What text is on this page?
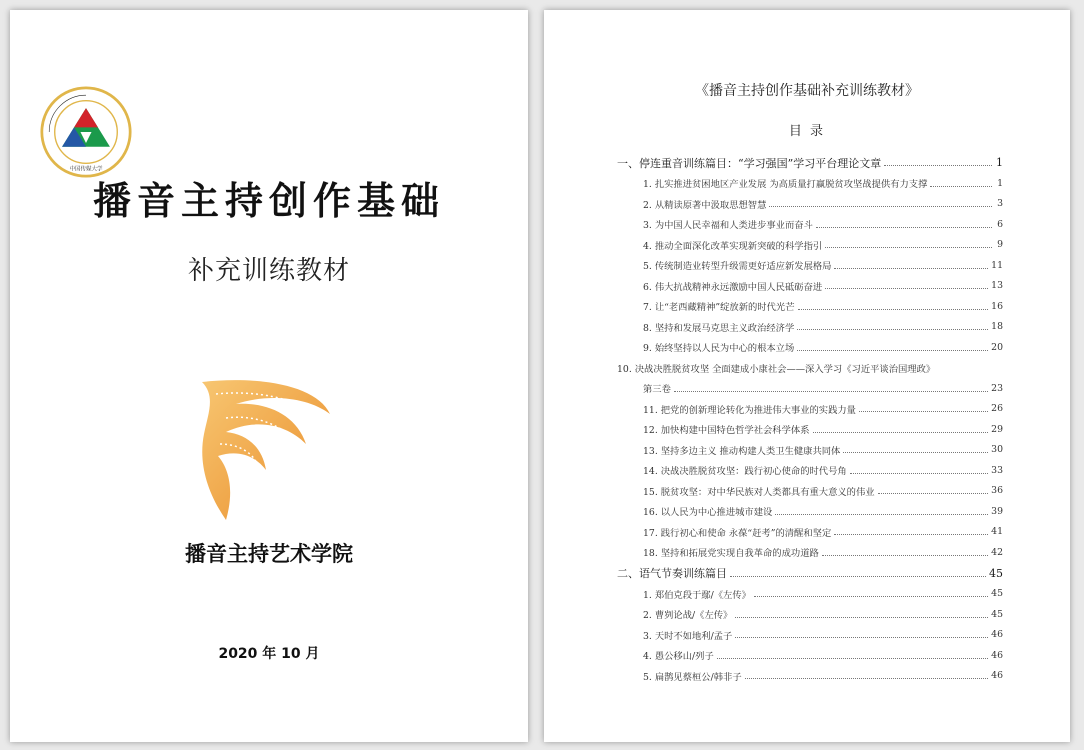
中国传媒大学
播音主持创作基础
补充训练教材
播音主持艺术学院
2020 年 10 月
《播音主持创作基础补充训练教材》
目 录
一、停连重音训练篇目：“学习强国”学习平台理论文章	1
1. 扎实推进贫困地区产业发展 为高质量打赢脱贫攻坚战提供有力支撑	1
2. 从精读原著中汲取思想智慧	3
3. 为中国人民幸福和人类进步事业而奋斗	6
4. 推动全面深化改革实现新突破的科学指引	9
5. 传统制造业转型升级需更好适应新发展格局	11
6. 伟大抗战精神永远激励中国人民砥砺奋进	13
7. 让“老西藏精神”绽放新的时代光芒	16
8. 坚持和发展马克思主义政治经济学	18
9. 始终坚持以人民为中心的根本立场	20
10. 决战决胜脱贫攻坚 全面建成小康社会——深入学习《习近平谈治国理政》
第三卷	23
11. 把党的创新理论转化为推进伟大事业的实践力量	26
12. 加快构建中国特色哲学社会科学体系	29
13. 坚持多边主义 推动构建人类卫生健康共同体	30
14. 决战决胜脱贫攻坚：践行初心使命的时代号角	33
15. 脱贫攻坚：对中华民族对人类都具有重大意义的伟业	36
16. 以人民为中心推进城市建设	39
17. 践行初心和使命 永葆“赶考”的清醒和坚定	41
18. 坚持和拓展党实现自我革命的成功道路	42
二、语气节奏训练篇目	45
1. 郑伯克段于鄢/《左传》	45
2. 曹刿论战/《左传》	45
3. 天时不如地利/孟子	46
4. 愚公移山/列子	46
5. 扁鹊见蔡桓公/韩非子	46
